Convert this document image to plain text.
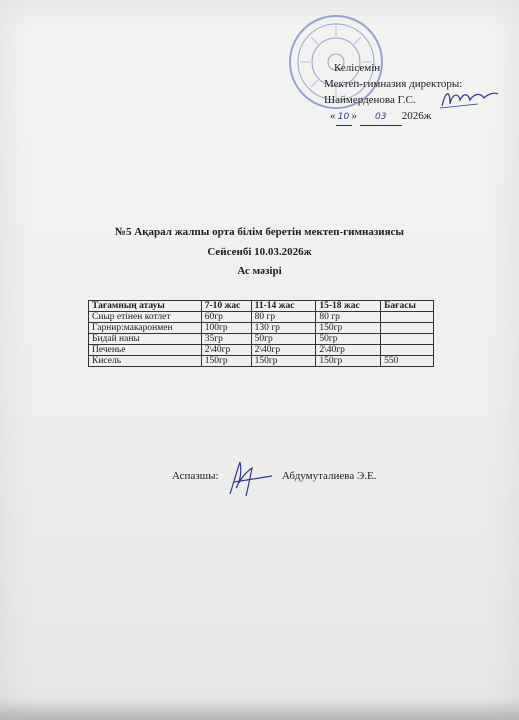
Келісемін
Мектеп-гимназия директоры:
Шаймерденова Г.С.
« 10 » 03 2026ж
№5 Ақарал жалпы орта білім беретін мектеп-гимназиясы
Сейсенбі 10.03.2026ж
Ас мәзірі
Тағамның атауы	7-10 жас	11-14 жас	15-18 жас	Бағасы
Сиыр етінен котлет	60гр	80 гр	80 гр	
Гарнир:макаронмен	100гр	130 гр	150гр	
Бидай наны	35гр	50гр	50гр	
Печенье	2\40гр	2\40гр	2\40гр	
Кисель	150гр	150гр	150гр	550
Аспазшы:	Абдумуталиева Э.Е.
